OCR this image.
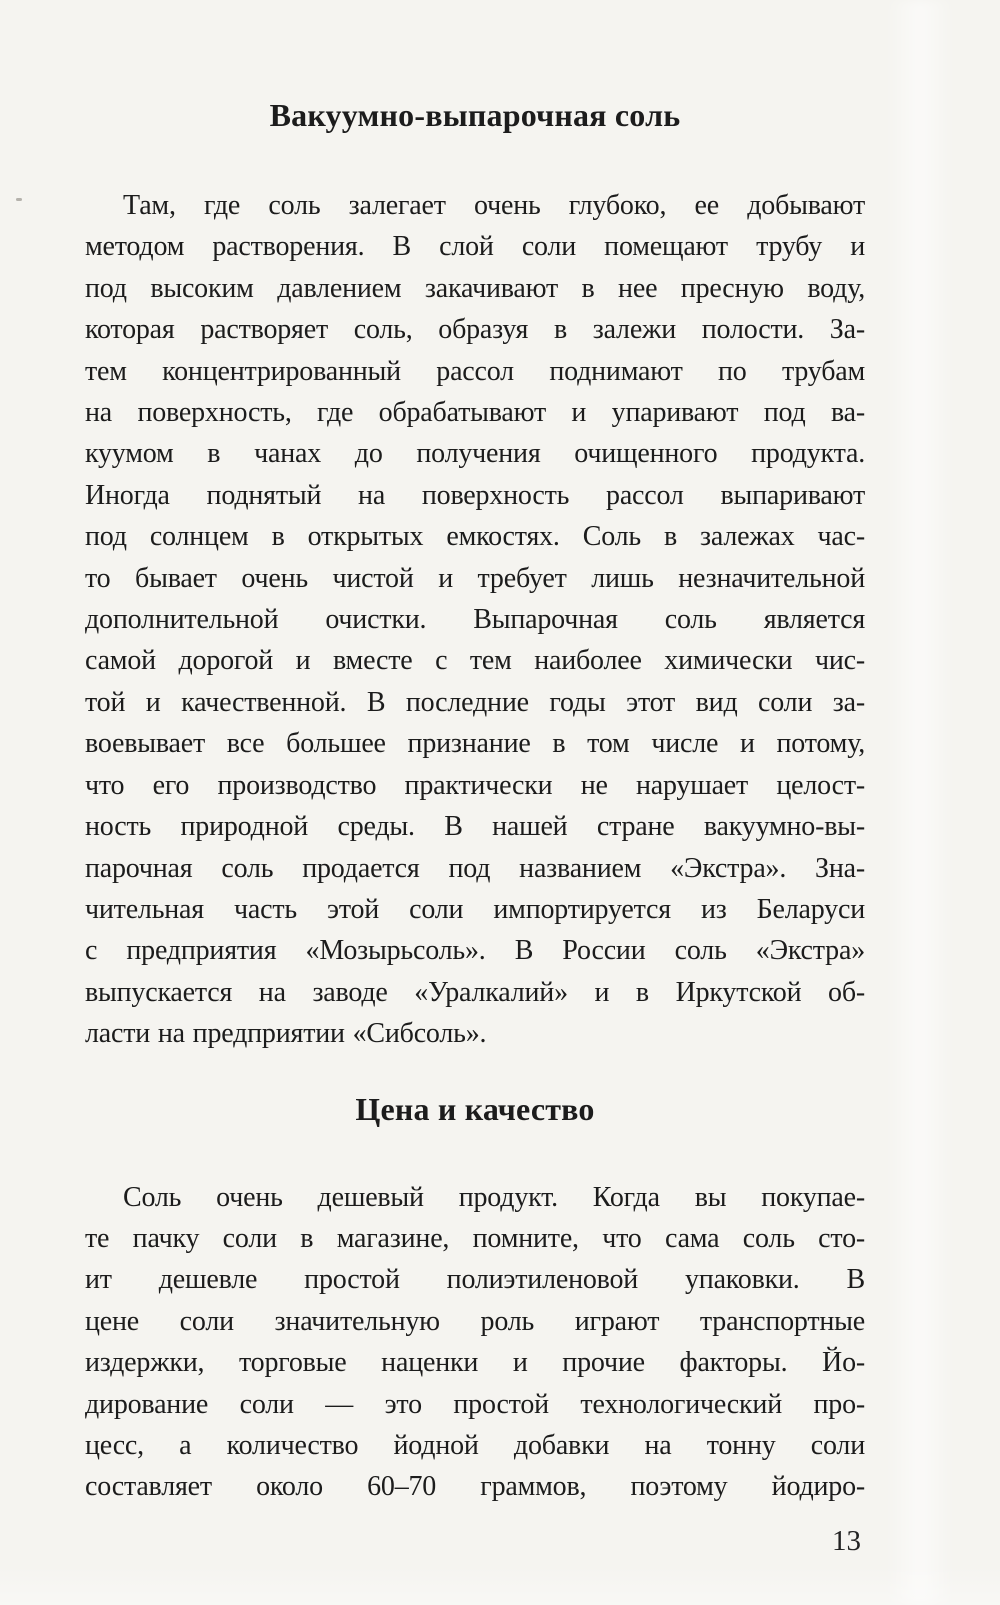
Вакуумно-выпарочная соль
Там, где соль залегает очень глубоко, ее добывают
методом растворения. В слой соли помещают трубу и
под высоким давлением закачивают в нее пресную воду,
которая растворяет соль, образуя в залежи полости. За-
тем концентрированный рассол поднимают по трубам
на поверхность, где обрабатывают и упаривают под ва-
куумом в чанах до получения очищенного продукта.
Иногда поднятый на поверхность рассол выпаривают
под солнцем в открытых емкостях. Соль в залежах час-
то бывает очень чистой и требует лишь незначительной
дополнительной очистки. Выпарочная соль является
самой дорогой и вместе с тем наиболее химически чис-
той и качественной. В последние годы этот вид соли за-
воевывает все большее признание в том числе и потому,
что его производство практически не нарушает целост-
ность природной среды. В нашей стране вакуумно-вы-
парочная соль продается под названием «Экстра». Зна-
чительная часть этой соли импортируется из Беларуси
с предприятия «Мозырьсоль». В России соль «Экстра»
выпускается на заводе «Уралкалий» и в Иркутской об-
ласти на предприятии «Сибсоль».
Цена и качество
Соль очень дешевый продукт. Когда вы покупае-
те пачку соли в магазине, помните, что сама соль сто-
ит дешевле простой полиэтиленовой упаковки. В
цене соли значительную роль играют транспортные
издержки, торговые наценки и прочие факторы. Йо-
дирование соли — это простой технологический про-
цесс, а количество йодной добавки на тонну соли
составляет около 60–70 граммов, поэтому йодиро-
13
